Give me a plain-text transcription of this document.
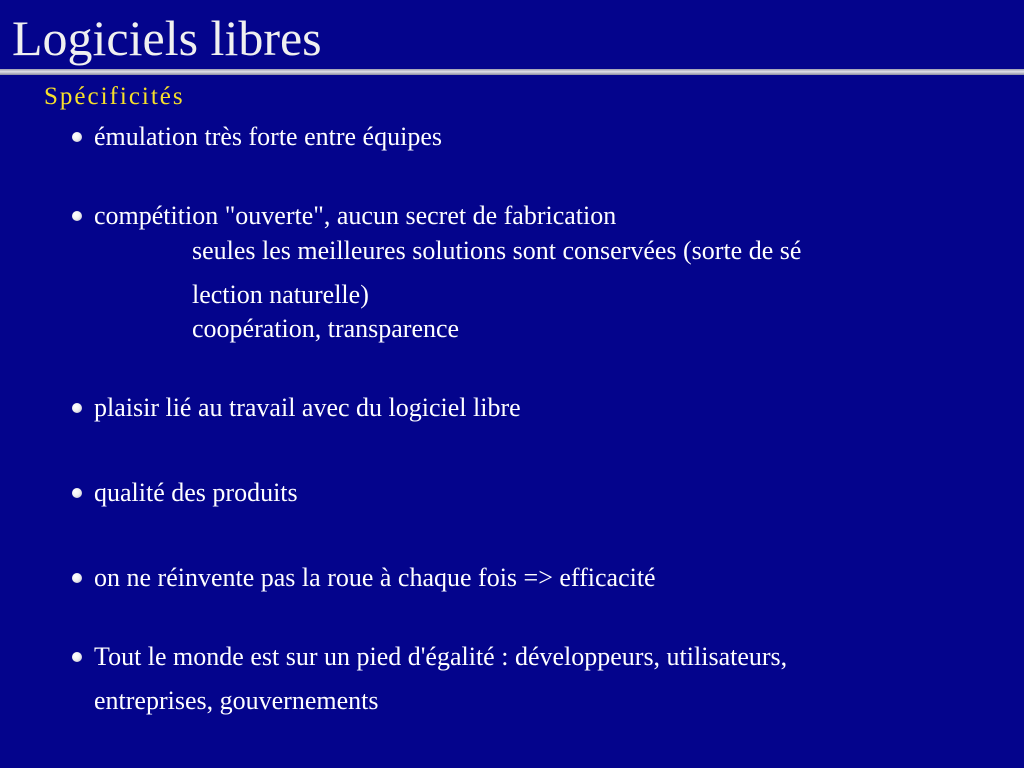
Logiciels libres
Spécificités
émulation très forte entre équipes
compétition "ouverte", aucun secret de fabrication
seules les meilleures solutions sont conservées (sorte de sé
lection naturelle)
coopération, transparence
plaisir lié au travail avec du logiciel libre
qualité des produits
on ne réinvente pas la roue à chaque fois => efficacité
Tout le monde est sur un pied d'égalité : développeurs, utilisateurs,
entreprises, gouvernements
